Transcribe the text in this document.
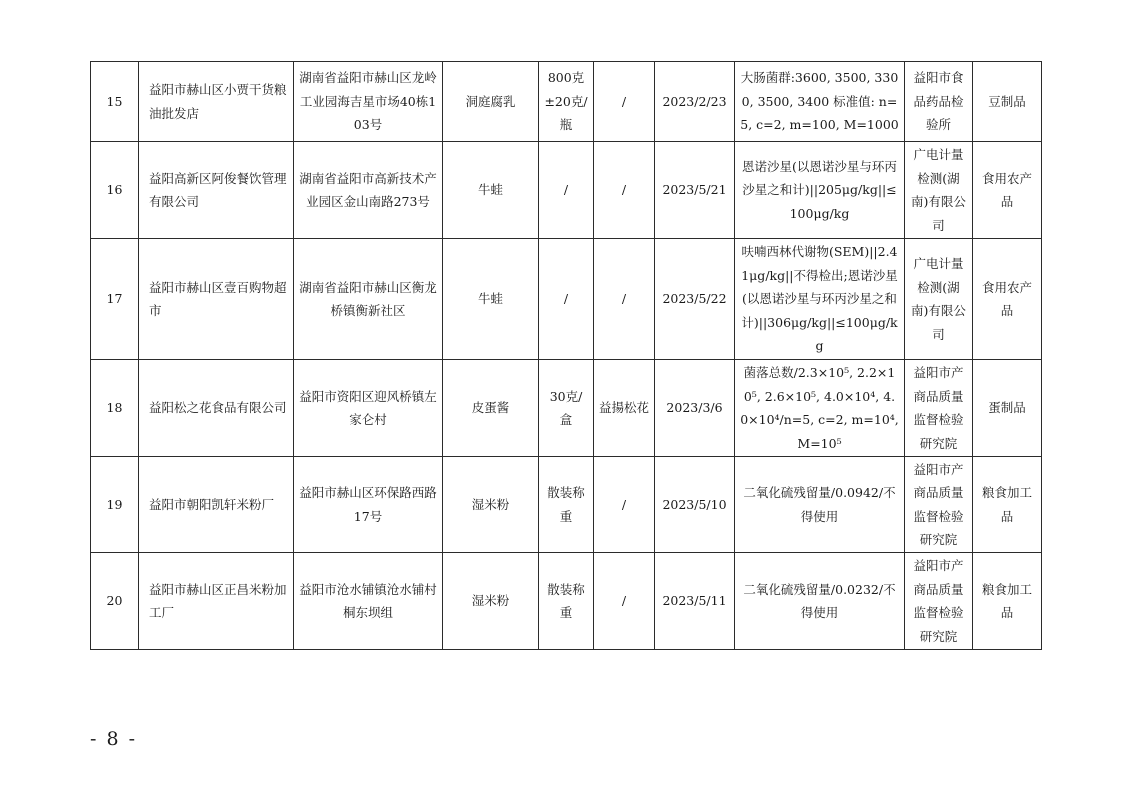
15	益阳市赫山区小贾干货粮油批发店	湖南省益阳市赫山区龙岭工业园海吉星市场40栋103号	洞庭腐乳	800克±20克/瓶	/	2023/2/23	大肠菌群:3600, 3500, 3300, 3500, 3400 标准值: n=5, c=2, m=100, M=1000	益阳市食品药品检验所	豆制品
16	益阳高新区阿俊餐饮管理有限公司	湖南省益阳市高新技术产业园区金山南路273号	牛蛙	/	/	2023/5/21	恩诺沙星(以恩诺沙星与环丙沙星之和计)||205μg/kg||≤100μg/kg	广电计量检测(湖南)有限公司	食用农产品
17	益阳市赫山区壹百购物超市	湖南省益阳市赫山区衡龙桥镇衡新社区	牛蛙	/	/	2023/5/22	呋喃西林代谢物(SEM)||2.41μg/kg||不得检出;恩诺沙星(以恩诺沙星与环丙沙星之和计)||306μg/kg||≤100μg/kg	广电计量检测(湖南)有限公司	食用农产品
18	益阳松之花食品有限公司	益阳市资阳区迎风桥镇左家仑村	皮蛋酱	30克/盒	益揚松花	2023/3/6	菌落总数/2.3×10⁵, 2.2×10⁵, 2.6×10⁵, 4.0×10⁴, 4.0×10⁴/n=5, c=2, m=10⁴, M=10⁵	益阳市产商品质量监督检验研究院	蛋制品
19	益阳市朝阳凯轩米粉厂	益阳市赫山区环保路西路17号	湿米粉	散装称重	/	2023/5/10	二氧化硫残留量/0.0942/不得使用	益阳市产商品质量监督检验研究院	粮食加工品
20	益阳市赫山区正昌米粉加工厂	益阳市沧水铺镇沧水铺村桐东坝组	湿米粉	散装称重	/	2023/5/11	二氧化硫残留量/0.0232/不得使用	益阳市产商品质量监督检验研究院	粮食加工品
- 8 -
